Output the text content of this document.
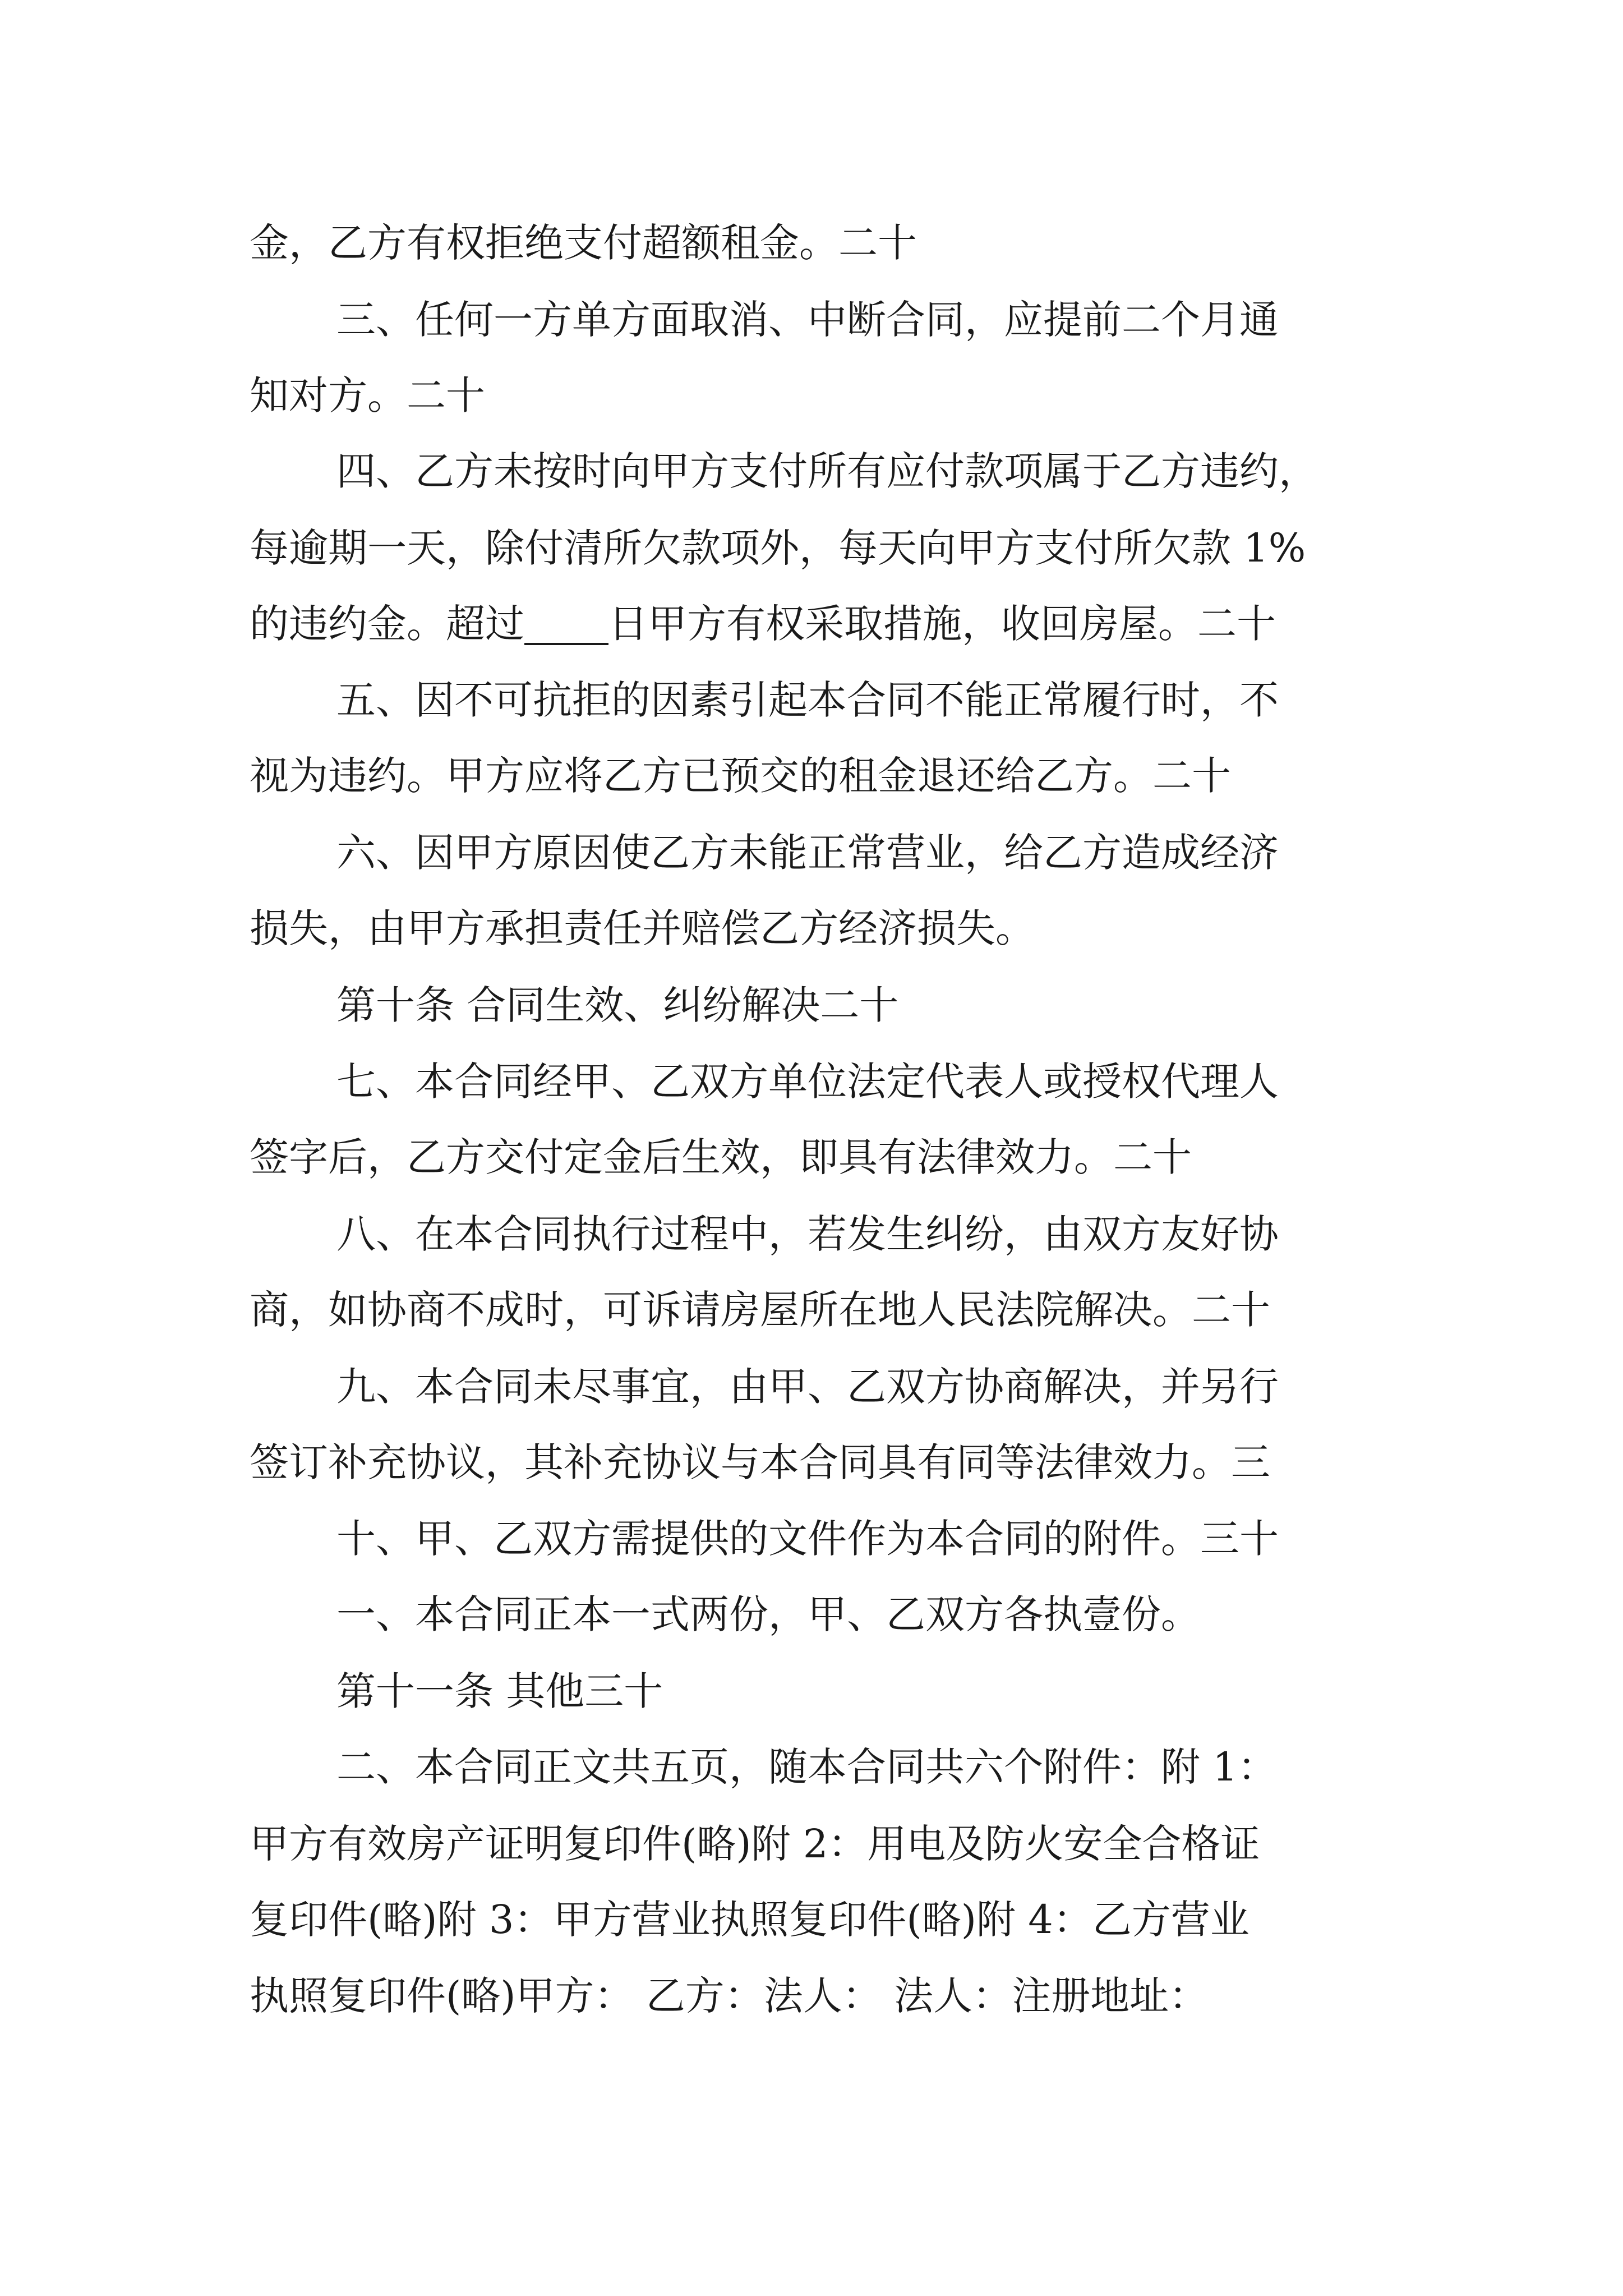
金，乙方有权拒绝支付超额租金。二十
三、任何一方单方面取消、中断合同，应提前二个月通
知对方。二十
四、乙方未按时向甲方支付所有应付款项属于乙方违约，
每逾期一天，除付清所欠款项外，每天向甲方支付所欠款 1%
的违约金。超过 日甲方有权采取措施，收回房屋。二十
五、因不可抗拒的因素引起本合同不能正常履行时，不
视为违约。甲方应将乙方已预交的租金退还给乙方。二十
六、因甲方原因使乙方未能正常营业，给乙方造成经济
损失，由甲方承担责任并赔偿乙方经济损失。
第十条 合同生效、纠纷解决二十
七、本合同经甲、乙双方单位法定代表人或授权代理人
签字后，乙方交付定金后生效，即具有法律效力。二十
八、在本合同执行过程中，若发生纠纷，由双方友好协
商，如协商不成时，可诉请房屋所在地人民法院解决。二十
九、本合同未尽事宜，由甲、乙双方协商解决，并另行
签订补充协议，其补充协议与本合同具有同等法律效力。三
十、甲、乙双方需提供的文件作为本合同的附件。三十
一、本合同正本一式两份，甲、乙双方各执壹份。
第十一条 其他三十
二、本合同正文共五页，随本合同共六个附件：附 1：
甲方有效房产证明复印件(略)附 2：用电及防火安全合格证
复印件(略)附 3：甲方营业执照复印件(略)附 4：乙方营业
执照复印件(略)甲方： 乙方：法人： 法人：注册地址：
